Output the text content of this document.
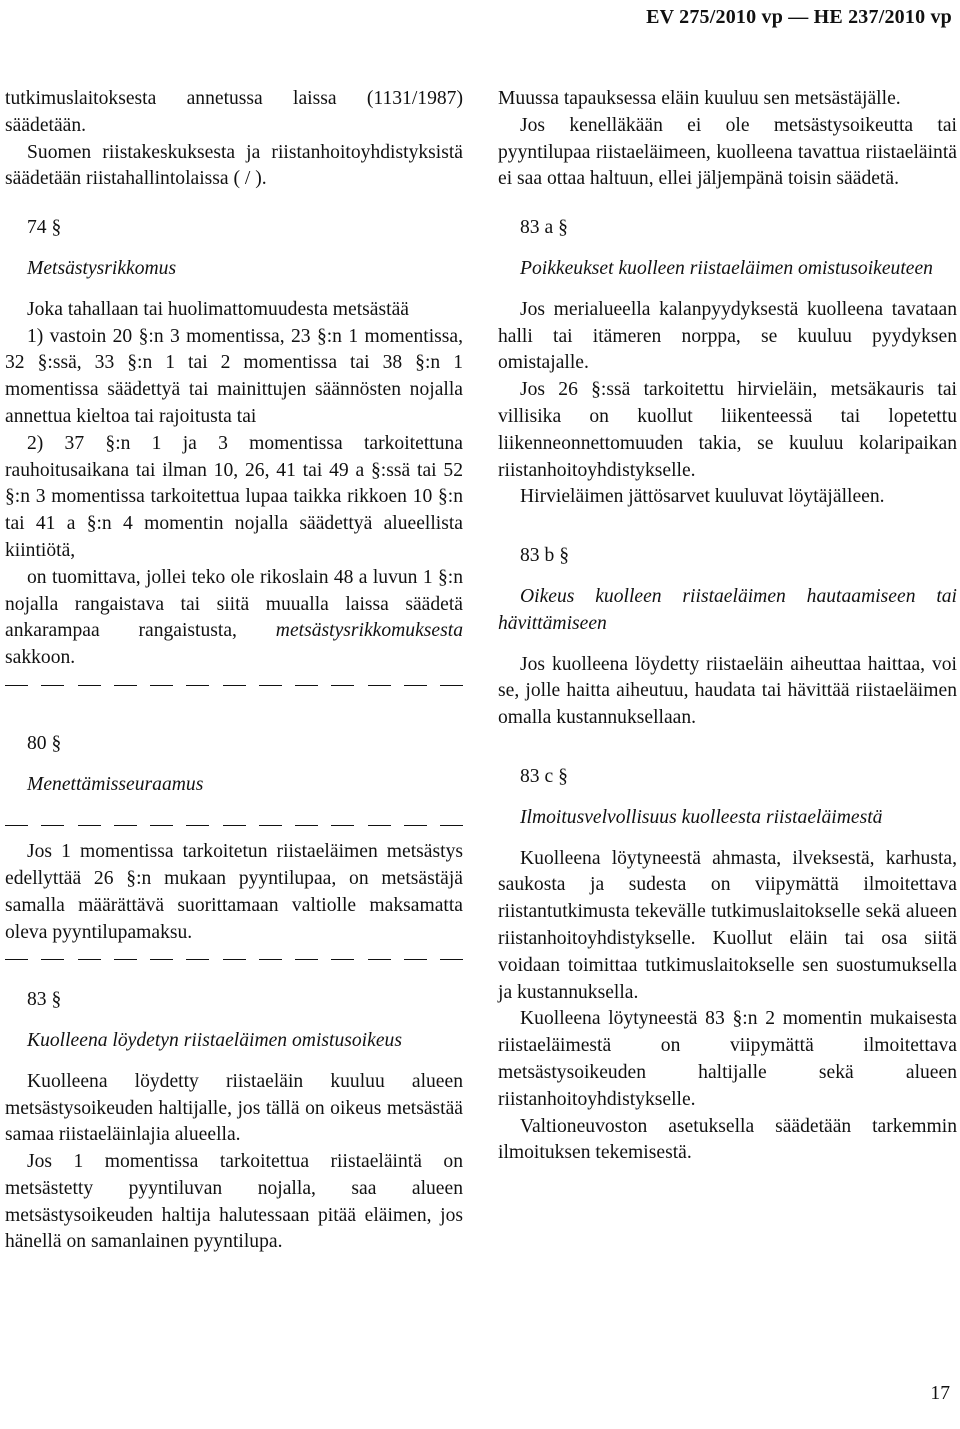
EV 275/2010 vp — HE 237/2010 vp

tutkimuslaitoksesta annetussa laissa (1131/1987) säädetään.

Suomen riistakeskuksesta ja riistanhoitoyhdistyksistä säädetään riistahallintolaissa ( / ).

74 §

Metsästysrikkomus

Joka tahallaan tai huolimattomuudesta metsästää

1) vastoin 20 §:n 3 momentissa, 23 §:n 1 momentissa, 32 §:ssä, 33 §:n 1 tai 2 momentissa tai 38 §:n 1 momentissa säädettyä tai mainittujen säännösten nojalla annettua kieltoa tai rajoitusta tai

2) 37 §:n 1 ja 3 momentissa tarkoitettuna rauhoitusaikana tai ilman 10, 26, 41 tai 49 a §:ssä tai 52 §:n 3 momentissa tarkoitettua lupaa taikka rikkoen 10 §:n tai 41 a §:n 4 momentin nojalla säädettyä alueellista kiintiötä,

on tuomittava, jollei teko ole rikoslain 48 a luvun 1 §:n nojalla rangaistava tai siitä muualla laissa säädetä ankarampaa rangaistusta, metsästysrikkomuksesta sakkoon.

80 §

Menettämisseuraamus

Jos 1 momentissa tarkoitetun riistaeläimen metsästys edellyttää 26 §:n mukaan pyyntilupaa, on metsästäjä samalla määrättävä suorittamaan valtiolle maksamatta oleva pyyntilupamaksu.

83 §

Kuolleena löydetyn riistaeläimen omistusoikeus

Kuolleena löydetty riistaeläin kuuluu alueen metsästysoikeuden haltijalle, jos tällä on oikeus metsästää samaa riistaeläinlajia alueella.

Jos 1 momentissa tarkoitettua riistaeläintä on metsästetty pyyntiluvan nojalla, saa alueen metsästysoikeuden haltija halutessaan pitää eläimen, jos hänellä on samanlainen pyyntilupa.

Muussa tapauksessa eläin kuuluu sen metsästäjälle.

Jos kenelläkään ei ole metsästysoikeutta tai pyyntilupaa riistaeläimeen, kuolleena tavattua riistaeläintä ei saa ottaa haltuun, ellei jäljempänä toisin säädetä.

83 a §

Poikkeukset kuolleen riistaeläimen omistusoikeuteen

Jos merialueella kalanpyydyksestä kuolleena tavataan halli tai itämeren norppa, se kuuluu pyydyksen omistajalle.

Jos 26 §:ssä tarkoitettu hirvieläin, metsäkauris tai villisika on kuollut liikenteessä tai lopetettu liikenneonnettomuuden takia, se kuuluu kolaripaikan riistanhoitoyhdistykselle.

Hirvieläimen jättösarvet kuuluvat löytäjälleen.

83 b §

Oikeus kuolleen riistaeläimen hautaamiseen tai hävittämiseen

Jos kuolleena löydetty riistaeläin aiheuttaa haittaa, voi se, jolle haitta aiheutuu, haudata tai hävittää riistaeläimen omalla kustannuksellaan.

83 c §

Ilmoitusvelvollisuus kuolleesta riistaeläimestä

Kuolleena löytyneestä ahmasta, ilveksestä, karhusta, saukosta ja sudesta on viipymättä ilmoitettava riistantutkimusta tekevälle tutkimuslaitokselle sekä alueen riistanhoitoyhdistykselle. Kuollut eläin tai osa siitä voidaan toimittaa tutkimuslaitokselle sen suostumuksella ja kustannuksella.

Kuolleena löytyneestä 83 §:n 2 momentin mukaisesta riistaeläimestä on viipymättä ilmoitettava metsästysoikeuden haltijalle sekä alueen riistanhoitoyhdistykselle.

Valtioneuvoston asetuksella säädetään tarkemmin ilmoituksen tekemisestä.

17
